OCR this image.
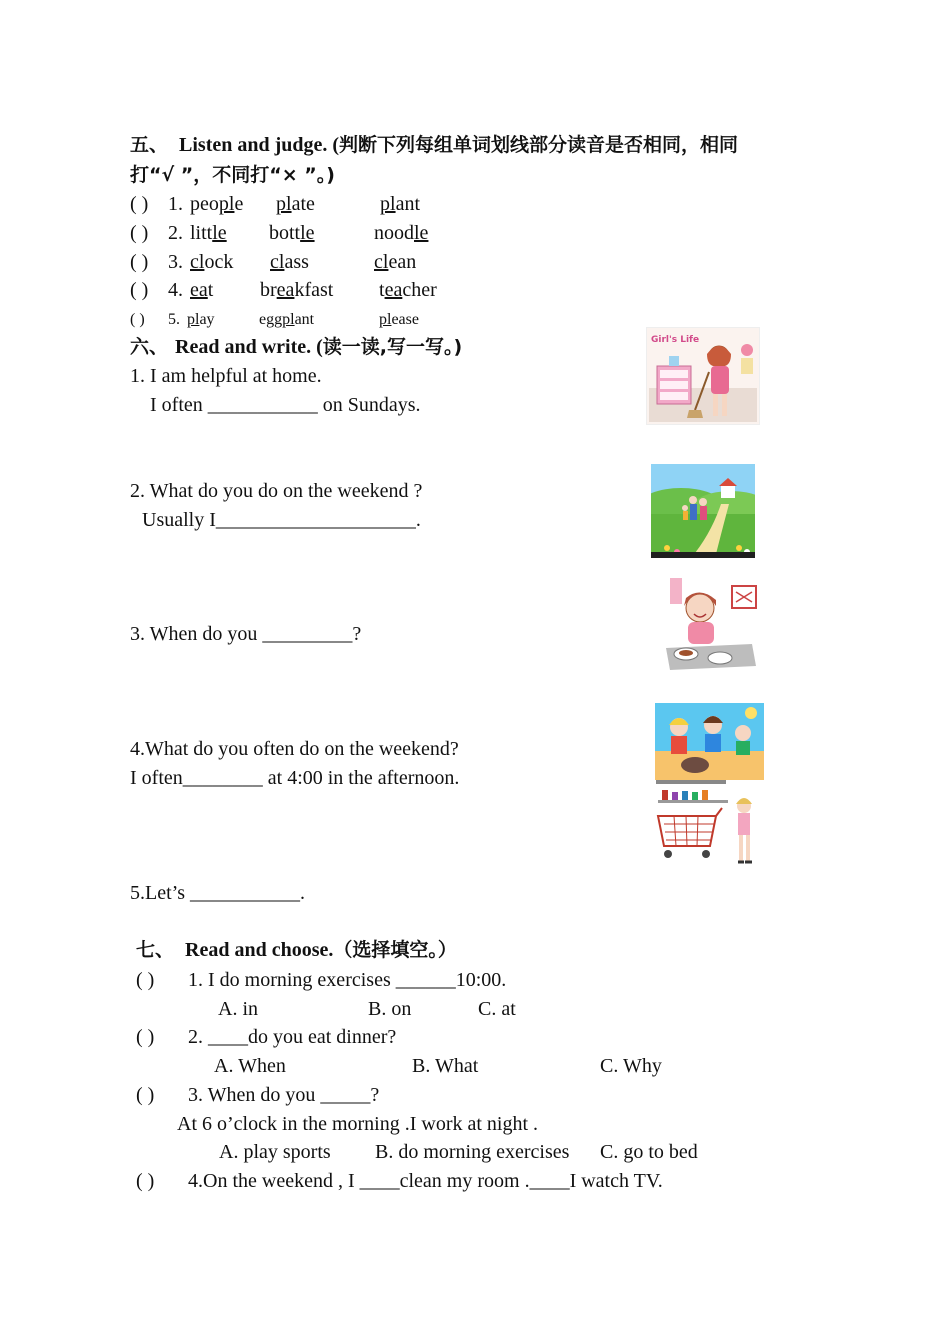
五、 Listen and judge. (判断下列每组单词划线部分读音是否相同，相同
打“√ ”，不同打“× ”。)
( ) 1. people plate	plant
( ) 2. little bottle	noodle
( ) 3. clock class	clean
( ) 4. eat breakfast teacher
( ) 5. play	eggplant	please
六、 Read and write. (读一读,写一写。)
1. I am helpful at home.
I often ___________ on Sundays.
2. What do you do on the weekend ?
Usually I____________________.
3. When do you _________?
4.What do you often do on the weekend?
I often________ at 4:00 in the afternoon.
5.Let’s ___________.
Girl's Life
七、 Read and choose.（选择填空。）
( ) 1. I do morning exercises ______10:00.
A. in	B. on	C. at
( ) 2. ____do you eat dinner?
A. When	B. What	C. Why
( ) 3. When do you _____?
At 6 o’clock in the morning .I work at night .
A. play sports B. do morning exercises C. go to bed
( ) 4.On the weekend , I ____clean my room .____I watch TV.
